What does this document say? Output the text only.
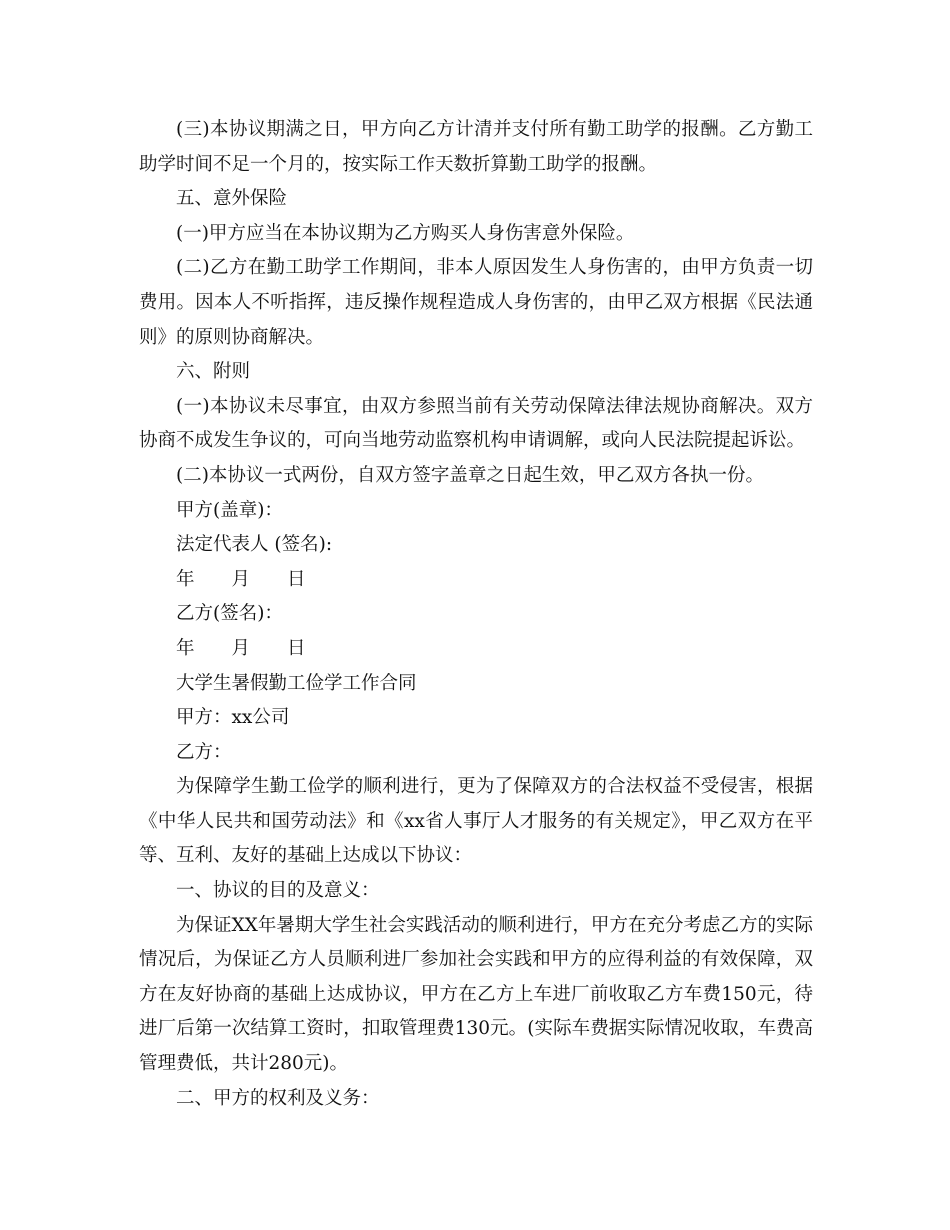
(三)本协议期满之日，甲方向乙方计清并支付所有勤工助学的报酬。乙方勤工助学时间不足一个月的，按实际工作天数折算勤工助学的报酬。

五、意外保险

(一)甲方应当在本协议期为乙方购买人身伤害意外保险。

(二)乙方在勤工助学工作期间，非本人原因发生人身伤害的，由甲方负责一切费用。因本人不听指挥，违反操作规程造成人身伤害的，由甲乙双方根据《民法通则》的原则协商解决。

六、附则

(一)本协议未尽事宜，由双方参照当前有关劳动保障法律法规协商解决。双方协商不成发生争议的，可向当地劳动监察机构申请调解，或向人民法院提起诉讼。

(二)本协议一式两份，自双方签字盖章之日起生效，甲乙双方各执一份。

甲方(盖章)：

法定代表人 (签名):

年　　月　　日

乙方(签名)：

年　　月　　日

大学生暑假勤工俭学工作合同

甲方：xx公司

乙方：

为保障学生勤工俭学的顺利进行，更为了保障双方的合法权益不受侵害，根据《中华人民共和国劳动法》和《xx省人事厅人才服务的有关规定》，甲乙双方在平等、互利、友好的基础上达成以下协议：

一、协议的目的及意义：

为保证XX年暑期大学生社会实践活动的顺利进行，甲方在充分考虑乙方的实际情况后，为保证乙方人员顺利进厂参加社会实践和甲方的应得利益的有效保障，双方在友好协商的基础上达成协议，甲方在乙方上车进厂前收取乙方车费150元，待进厂后第一次结算工资时，扣取管理费130元。(实际车费据实际情况收取，车费高管理费低，共计280元)。

二、甲方的权利及义务：
